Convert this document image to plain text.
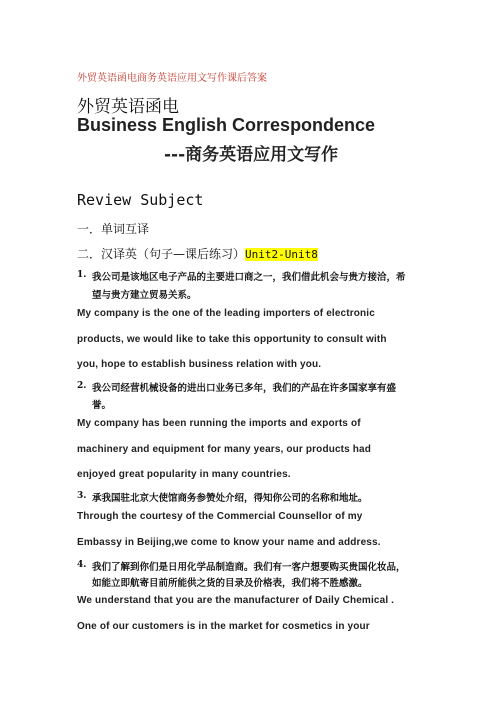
外贸英语函电商务英语应用文写作课后答案
外贸英语函电
Business English Correspondence
---商务英语应用文写作
Review Subject
一．单词互译
二．汉译英（句子—课后练习）Unit2-Unit8
1. 我公司是该地区电子产品的主要进口商之一，我们借此机会与贵方接洽，希
望与贵方建立贸易关系。
My company is the one of the leading importers of electronic
products, we would like to take this opportunity to consult with
you, hope to establish business relation with you.
2. 我公司经营机械设备的进出口业务已多年，我们的产品在许多国家享有盛
誉。
My company has been running the imports and exports of
machinery and equipment for many years, our products had
enjoyed great popularity in many countries.
3. 承我国驻北京大使馆商务参赞处介绍，得知你公司的名称和地址。
Through the courtesy of the Commercial Counsellor of my
Embassy in Beijing,we come to know your name and address.
4. 我们了解到你们是日用化学品制造商。我们有一客户想要购买贵国化妆品，
如能立即航寄目前所能供之货的目录及价格表，我们将不胜感激。
We understand that you are the manufacturer of Daily Chemical .
One of our customers is in the market for cosmetics in your
